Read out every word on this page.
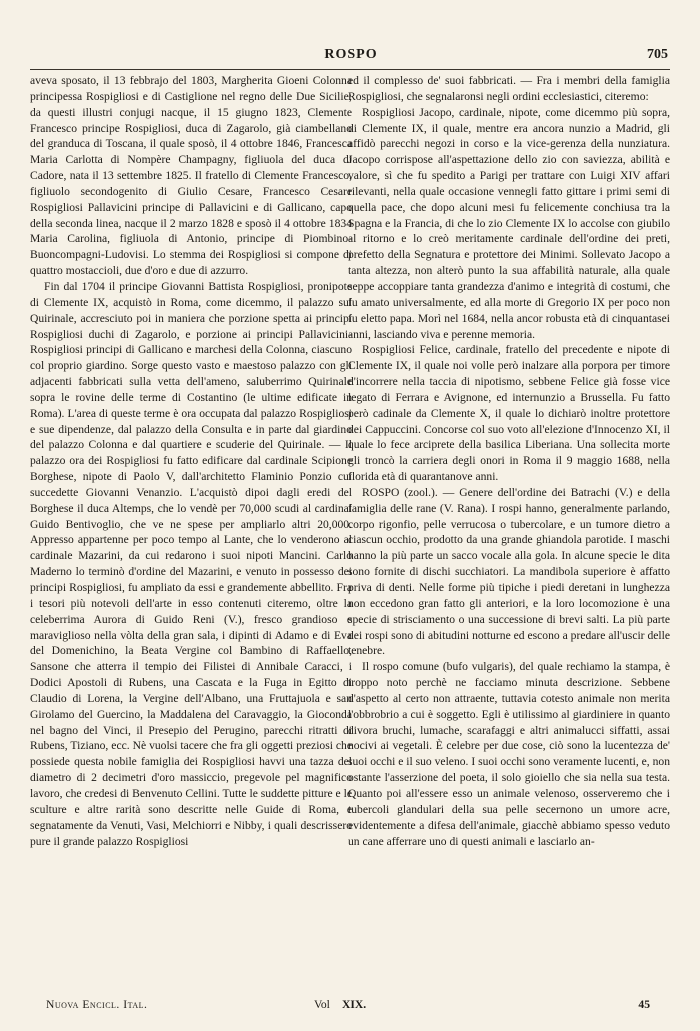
ROSPO	705

aveva sposato, il 13 febbrajo del 1803, Margherita Gioeni Colonna principessa Rospigliosi e di Castiglione nel regno delle Due Sicilie; da questi illustri conjugi nacque, il 15 giugno 1823, Clemente Francesco principe Rospigliosi, duca di Zagarolo, già ciambellano del granduca di Toscana, il quale sposò, il 4 ottobre 1846, Francesca Maria Carlotta di Nompère Champagny, figliuola del duca di Cadore, nata il 13 settembre 1825. Il fratello di Clemente Francesco, figliuolo secondogenito di Giulio Cesare, Francesco Cesare Rospigliosi Pallavicini principe di Pallavicini e di Gallicano, capo della seconda linea, nacque il 2 marzo 1828 e sposò il 4 ottobre 1834 Maria Carolina, figliuola di Antonio, principe di Piombino-Buoncompagni-Ludovisi. Lo stemma dei Rospigliosi si compone di quattro mostaccioli, due d'oro e due di azzurro.

Fin dal 1704 il principe Giovanni Battista Rospigliosi, pronipote di Clemente IX, acquistò in Roma, come dicemmo, il palazzo sul Quirinale, accresciuto poi in maniera che porzione spetta ai principi Rospigliosi duchi di Zagarolo, e porzione ai principi Pallavicini-Rospigliosi principi di Gallicano e marchesi della Colonna, ciascuno col proprio giardino. Sorge questo vasto e maestoso palazzo con gli adjacenti fabbricati sulla vetta dell'ameno, saluberrimo Quirinale sopra le rovine delle terme di Costantino (le ultime edificate in Roma). L'area di queste terme è ora occupata dal palazzo Rospigliosi e sue dipendenze, dal palazzo della Consulta e in parte dal giardino del palazzo Colonna e dal quartiere e scuderie del Quirinale. — Il palazzo ora dei Rospigliosi fu fatto edificare dal cardinale Scipione Borghese, nipote di Paolo V, dall'architetto Flaminio Ponzio cui succedette Giovanni Venanzio. L'acquistò dipoi dagli eredi del Borghese il duca Altemps, che lo vendè per 70,000 scudi al cardinal Guido Bentivoglio, che ve ne spese per ampliarlo altri 20,000. Appresso appartenne per poco tempo al Lante, che lo venderono al cardinale Mazarini, da cui redarono i suoi nipoti Mancini. Carlo Maderno lo terminò d'ordine del Mazarini, e venuto in possesso dei principi Rospigliosi, fu ampliato da essi e grandemente abbellito. Fra i tesori più notevoli dell'arte in esso contenuti citeremo, oltre la celeberrima Aurora di Guido Reni (V.), fresco grandioso e maraviglioso nella vòlta della gran sala, i dipinti di Adamo e di Eva del Domenichino, la Beata Vergine col Bambino di Raffaello, Sansone che atterra il tempio dei Filistei di Annibale Caracci, i Dodici Apostoli di Rubens, una Cascata e la Fuga in Egitto di Claudio di Lorena, la Vergine dell'Albano, una Fruttajuola e san Girolamo del Guercino, la Maddalena del Caravaggio, la Gioconda nel bagno del Vinci, il Presepio del Perugino, parecchi ritratti di Rubens, Tiziano, ecc. Nè vuolsi tacere che fra gli oggetti preziosi che possiede questa nobile famiglia dei Rospigliosi havvi una tazza del diametro di 2 decimetri d'oro massiccio, pregevole pel magnifico lavoro, che credesi di Benvenuto Cellini. Tutte le suddette pitture e le sculture e altre rarità sono descritte nelle Guide di Roma, e segnatamente da Venuti, Vasi, Melchiorri e Nibby, i quali descrissero pure il grande palazzo Rospigliosi

ed il complesso de' suoi fabbricati. — Fra i membri della famiglia Rospigliosi, che segnalaronsi negli ordini ecclesiastici, citeremo:

Rospigliosi Jacopo, cardinale, nipote, come dicemmo più sopra, di Clemente IX, il quale, mentre era ancora nunzio a Madrid, gli affidò parecchi negozi in corso e la vice-gerenza della nunziatura. Jacopo corrispose all'aspettazione dello zio con saviezza, abilità e valore, sì che fu spedito a Parigi per trattare con Luigi XIV affari rilevanti, nella quale occasione vennegli fatto gittare i primi semi di quella pace, che dopo alcuni mesi fu felicemente conchiusa tra la Spagna e la Francia, di che lo zio Clemente IX lo accolse con giubilo al ritorno e lo creò meritamente cardinale dell'ordine dei preti, prefetto della Segnatura e protettore dei Minimi. Sollevato Jacopo a tanta altezza, non alterò punto la sua affabilità naturale, alla quale seppe accoppiare tanta grandezza d'animo e integrità di costumi, che fu amato universalmente, ed alla morte di Gregorio IX per poco non fu eletto papa. Morì nel 1684, nella ancor robusta età di cinquantasei anni, lasciando viva e perenne memoria.

Rospigliosi Felice, cardinale, fratello del precedente e nipote di Clemente IX, il quale noi volle però inalzare alla porpora per timore d'incorrere nella taccia di nipotismo, sebbene Felice già fosse vice legato di Ferrara e Avignone, ed internunzio a Brussella. Fu fatto però cadinale da Clemente X, il quale lo dichiarò inoltre protettore dei Cappuccini. Concorse col suo voto all'elezione d'Innocenzo XI, il quale lo fece arciprete della basilica Liberiana. Una sollecita morte gli troncò la carriera degli onori in Roma il 9 maggio 1688, nella florida età di quarantanove anni.

ROSPO (zool.). — Genere dell'ordine dei Batrachi (V.) e della famiglia delle rane (V. Rana). I rospi hanno, generalmente parlando, corpo rigonfio, pelle verrucosa o tubercolare, e un tumore dietro a ciascun occhio, prodotto da una grande ghiandola parotide. I maschi hanno la più parte un sacco vocale alla gola. In alcune specie le dita sono fornite di dischi succhiatori. La mandibola superiore è affatto priva di denti. Nelle forme più tipiche i piedi deretani in lunghezza non eccedono gran fatto gli anteriori, e la loro locomozione è una specie di strisciamento o una successione di brevi salti. La più parte dei rospi sono di abitudini notturne ed escono a predare all'uscir delle tenebre.

Il rospo comune (bufo vulgaris), del quale rechiamo la stampa, è troppo noto perchè ne facciamo minuta descrizione. Sebbene d'aspetto al certo non attraente, tuttavia cotesto animale non merita l'obbrobrio a cui è soggetto. Egli è utilissimo al giardiniere in quanto divora bruchi, lumache, scarafaggi e altri animalucci siffatti, assai nocivi ai vegetali. È celebre per due cose, ciò sono la lucentezza de' suoi occhi e il suo veleno. I suoi occhi sono veramente lucenti, e, non ostante l'asserzione del poeta, il solo gioiello che sia nella sua testa. Quanto poi all'essere esso un animale velenoso, osserveremo che i tubercoli glandulari della sua pelle secernono un umore acre, evidentemente a difesa dell'animale, giacchè abbiamo spesso veduto un cane afferrare uno di questi animali e lasciarlo an-

Nuova Encicl. Ital.	Vol XIX.	45
